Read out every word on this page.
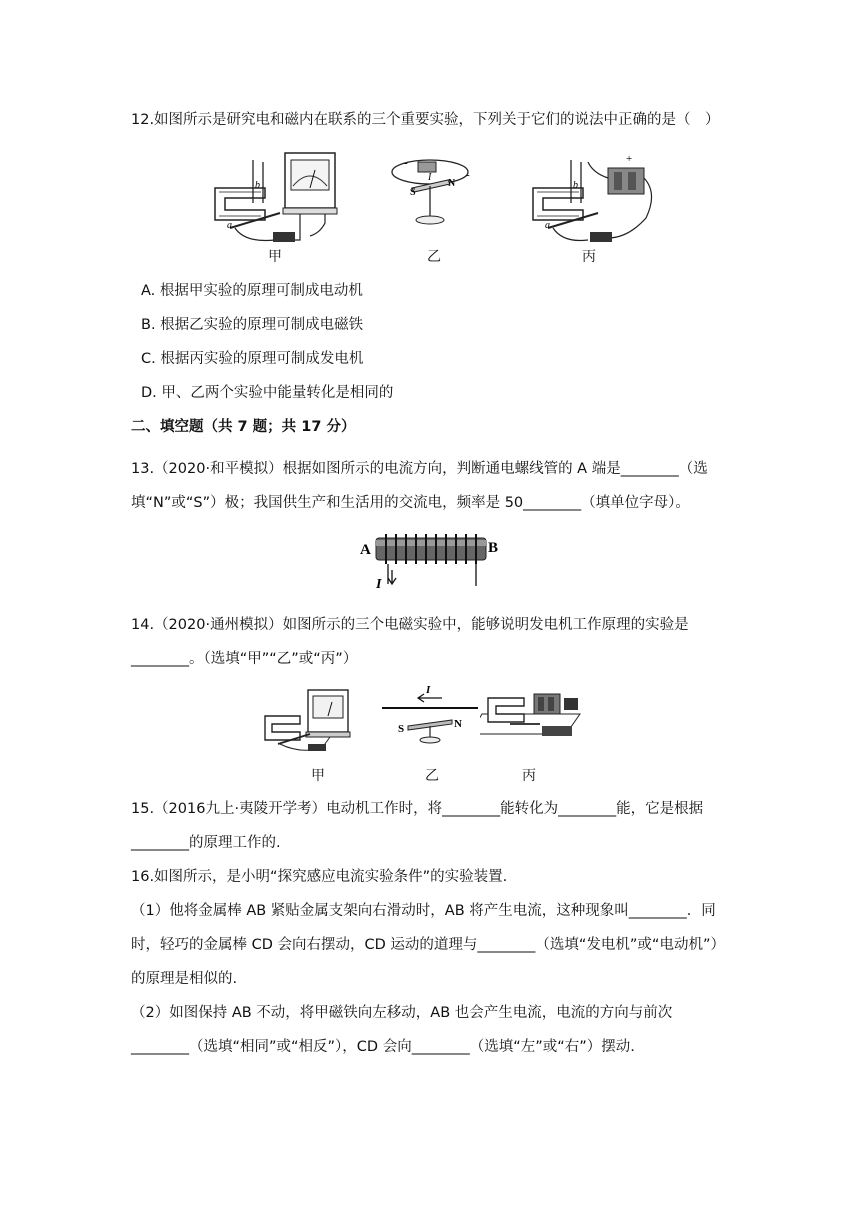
12.如图所示是研究电和磁内在联系的三个重要实验，下列关于它们的说法中正确的是（　）
b
a
甲
-
-
S
N
I
乙
b
a
+
丙
A. 根据甲实验的原理可制成电动机
B. 根据乙实验的原理可制成电磁铁
C. 根据丙实验的原理可制成发电机
D. 甲、乙两个实验中能量转化是相同的
二、填空题（共 7 题；共 17 分）
13.（2020·和平模拟）根据如图所示的电流方向，判断通电螺线管的 A 端是________（选
填“N”或“S”）极；我国供生产和生活用的交流电，频率是 50________（填单位字母）。
A	B
I
14.（2020·通州模拟）如图所示的三个电磁实验中，能够说明发电机工作原理的实验是
________。（选填“甲”“乙”或“丙”）
甲
I
S	N
乙	丙
15.（2016九上·夷陵开学考）电动机工作时，将________能转化为________能，它是根据
________的原理工作的.
16.如图所示，是小明“探究感应电流实验条件”的实验装置.
（1）他将金属棒 AB 紧贴金属支架向右滑动时，AB 将产生电流，这种现象叫________．同
时，轻巧的金属棒 CD 会向右摆动，CD 运动的道理与________（选填“发电机”或“电动机”）
的原理是相似的.
（2）如图保持 AB 不动，将甲磁铁向左移动，AB 也会产生电流，电流的方向与前次
________（选填“相同”或“相反”），CD 会向________（选填“左”或“右”）摆动.
